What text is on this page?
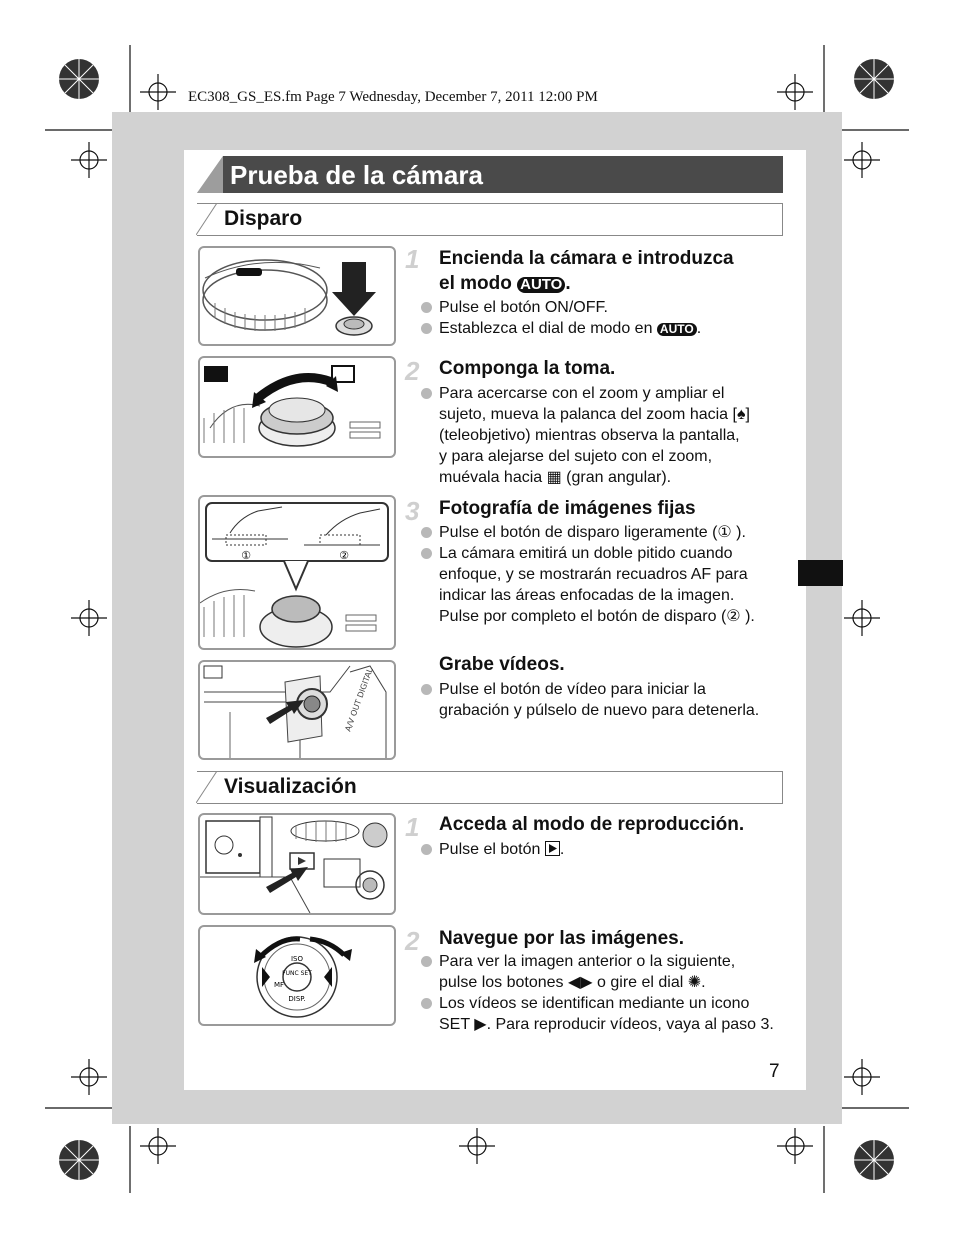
EC308_GS_ES.fm Page 7 Wednesday, December 7, 2011 12:00 PM
Prueba de la cámara
Disparo
1 Encienda la cámara e introduzca
el modo AUTO .
Pulse el botón ON/OFF.
Establezca el dial de modo en AUTO .
2 Componga la toma.
Para acercarse con el zoom y ampliar el
sujeto, mueva la palanca del zoom hacia [♠]
(teleobjetivo) mientras observa la pantalla,
y para alejarse del sujeto con el zoom,
muévala hacia ▦ (gran angular).
①	②
3 Fotografía de imágenes fijas
Pulse el botón de disparo ligeramente (① ).
La cámara emitirá un doble pitido cuando
enfoque, y se mostrarán recuadros AF para
indicar las áreas enfocadas de la imagen.
Pulse por completo el botón de disparo (② ).
A/V OUT DIGITAL
Grabe vídeos.
Pulse el botón de vídeo para iniciar la
grabación y púlselo de nuevo para detenerla.
Visualización
1 Acceda al modo de reproducción.
Pulse el botón .
FUNC SET
ISO
DISP.
MF
2 Navegue por las imágenes.
Para ver la imagen anterior o la siguiente,
pulse los botones ◀▶ o gire el dial ✺.
Los vídeos se identifican mediante un icono
SET ▶. Para reproducir vídeos, vaya al paso 3.
7
